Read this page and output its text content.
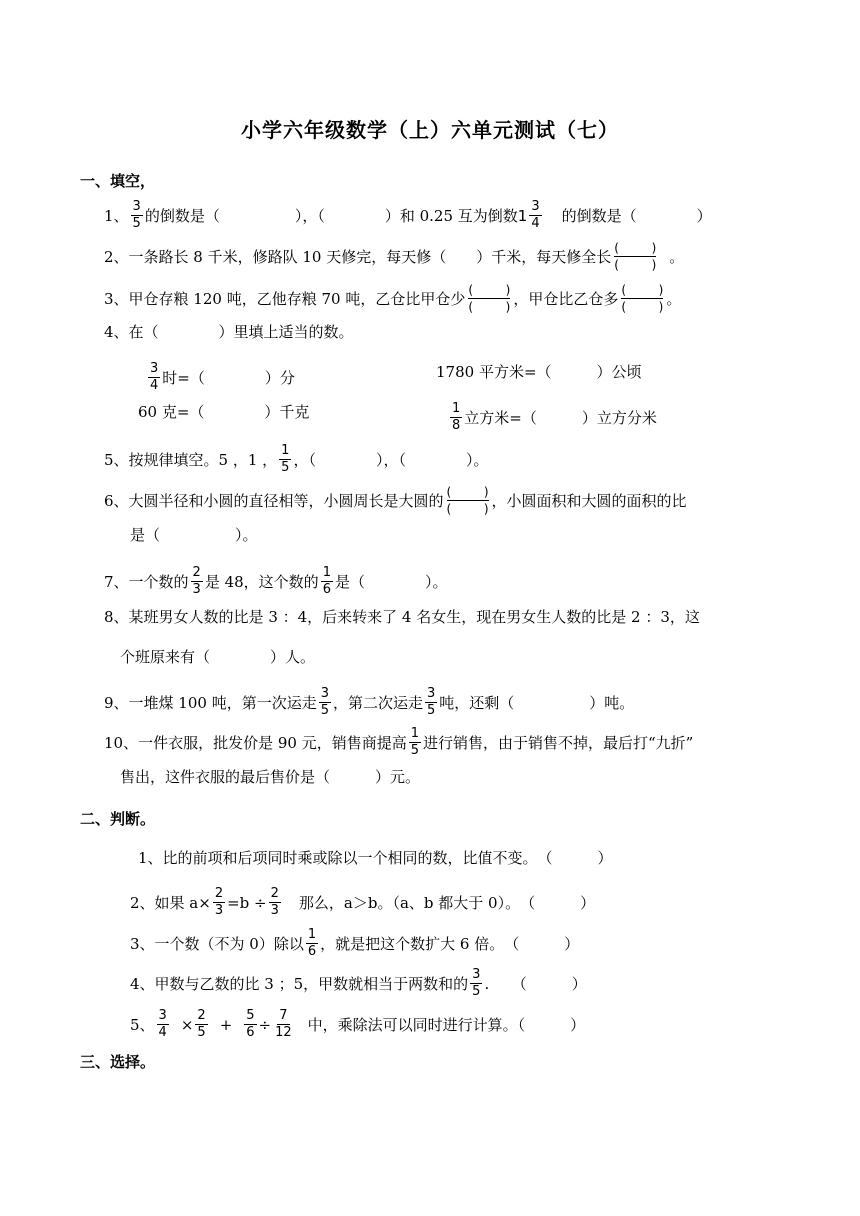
小学六年级数学（上）六单元测试（七）
一、填空，
1、 $\frac{3}{5}$ 的倒数是（　　　　　），（　　　　）和 0.25 互为倒数 $1 \frac{3}{4}$ 的倒数是（　　　　）
2、一条路长 8 千米，修路队 10 天修完，每天修（　　）千米，每天修全长 (	)
(	) 。
3、甲仓存粮 120 吨，乙他存粮 70 吨，乙仓比甲仓少 (	)
(	) ，甲仓比乙仓多 (	)
(	) 。
4、在（　　　　）里填上适当的数。
$\frac{3}{4}$ 时=（　　　　）分	1780 平方米=（　　　）公顷
60 克=（　　　　）千克	$\frac{1}{8}$ 立方米=（　　　）立方分米
5、按规律填空。5 ，1 ， $\frac{1}{5}$ ，（　　　　），（　　　　）。
6、大圆半径和小圆的直径相等，小圆周长是大圆的 (	)
(	) ，小圆面积和大圆的面积的比
是（　　　　　）。
7、一个数的 $\frac{2}{3}$ 是 48，这个数的 $\frac{1}{6}$ 是（　　　　）。
8、某班男女人数的比是 3 ：4，后来转来了 4 名女生，现在男女生人数的比是 2 ：3，这
个班原来有（　　　　）人。
9、一堆煤 100 吨，第一次运走 $\frac{3}{5}$ ，第二次运走 $\frac{3}{5}$ 吨，还剩（　　　　　）吨。
10、一件衣服，批发价是 90 元，销售商提高 $\frac{1}{5}$ 进行销售，由于销售不掉，最后打“九折”
售出，这件衣服的最后售价是（　　　）元。
二、判断。
1、比的前项和后项同时乘或除以一个相同的数，比值不变。　（　　　）
2、如果 $a\times \frac{2}{3} =b \div \frac{2}{3}$ 那么，a＞b。（a、b 都大于 0）。　（　　　）
3、一个数（不为 0）除以 $\frac{1}{6}$ ，就是把这个数扩大 6 倍。　（　　　）
4、甲数与乙数的比 3 ；5，甲数就相当于两数和的 $\frac{3}{5}$ .　　（　　　）
5、 $\frac{3}{4} \times \frac{2}{5} + \frac{5}{6} \div \frac{7}{12}$ 中，乘除法可以同时进行计算。（　　　）
三、选择。
